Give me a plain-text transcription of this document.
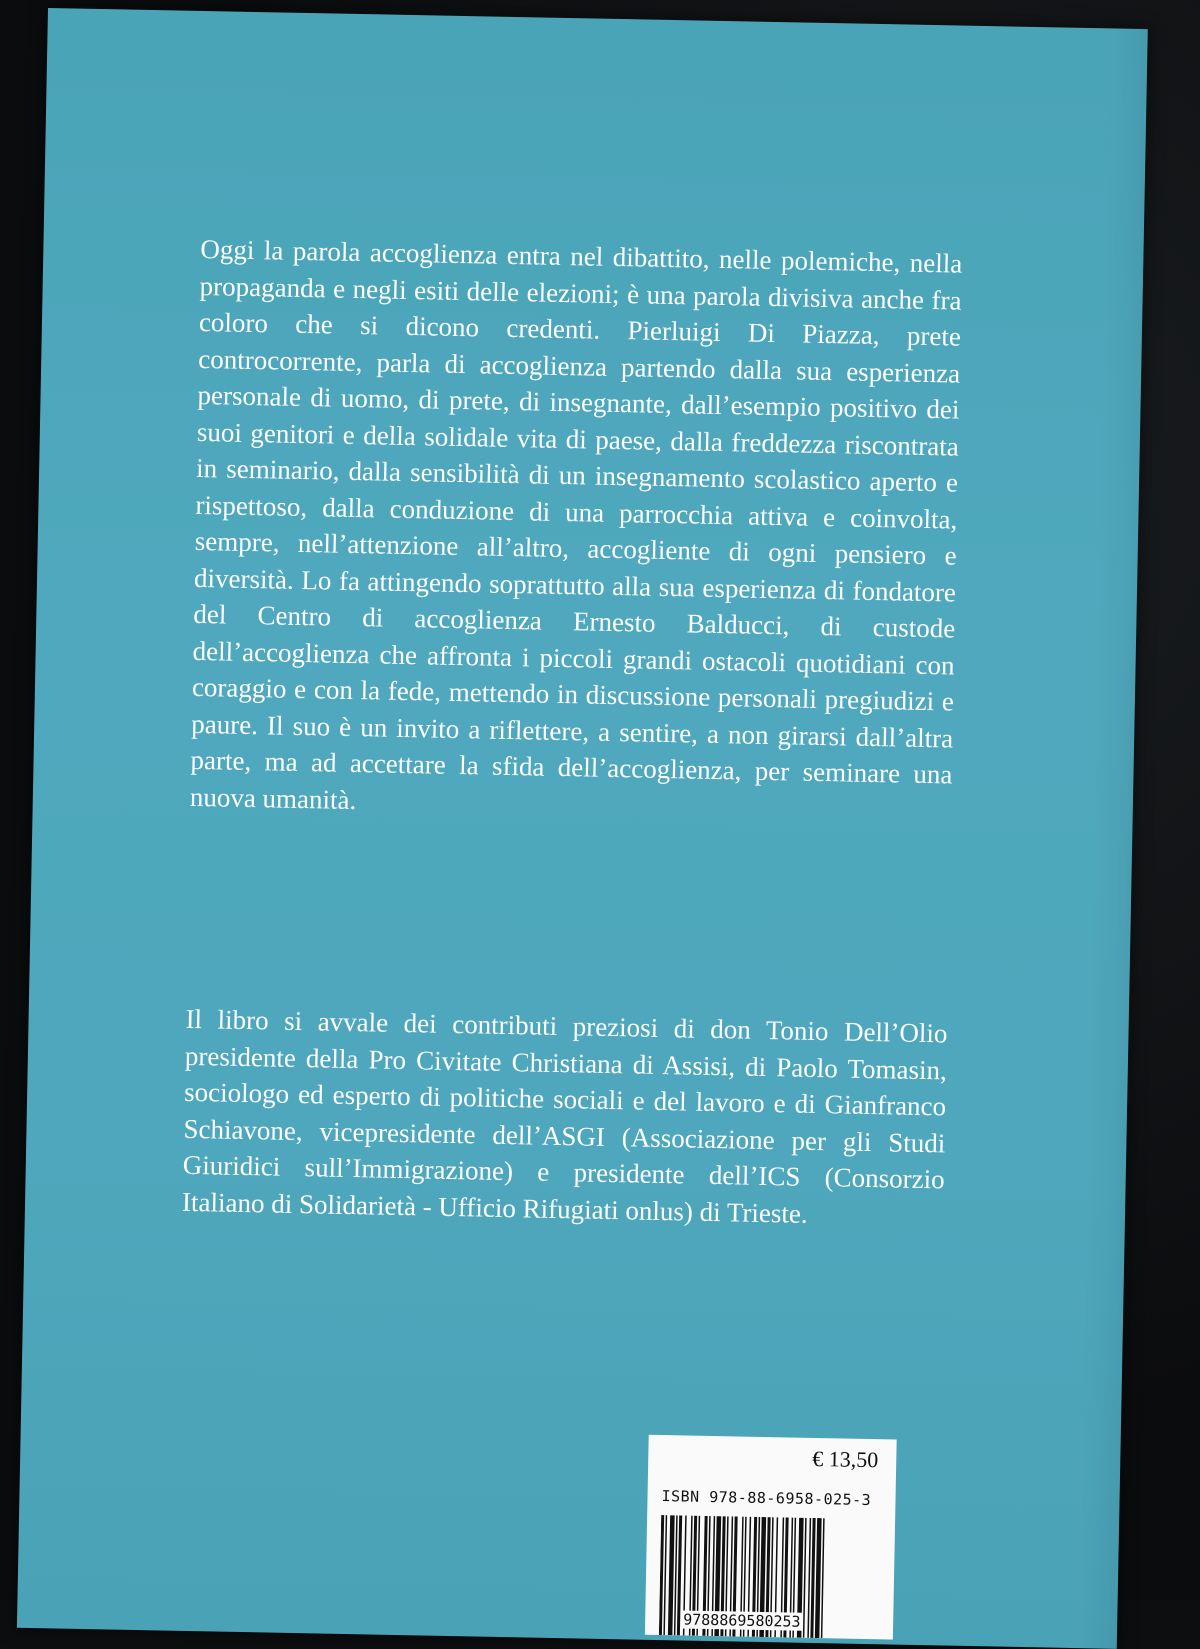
Oggi la parola accoglienza entra nel dibattito, nelle polemiche, nella propaganda e negli esiti delle elezioni; è una parola divisiva anche fra coloro che si dicono credenti. Pierluigi Di Piazza, prete controcorrente, parla di accoglienza partendo dalla sua esperienza personale di uomo, di prete, di insegnante, dall’esempio positivo dei suoi genitori e della solidale vita di paese, dalla freddezza riscontrata in seminario, dalla sensibilità di un insegnamento scolastico aperto e rispettoso, dalla conduzione di una parrocchia attiva e coinvolta, sempre, nell’attenzione all’altro, accogliente di ogni pensiero e diversità. Lo fa attingendo soprattutto alla sua esperienza di fondatore del Centro di accoglienza Ernesto Balducci, di custode dell’accoglienza che affronta i piccoli grandi ostacoli quotidiani con coraggio e con la fede, mettendo in discussione personali pregiudizi e paure. Il suo è un invito a riflettere, a sentire, a non girarsi dall’altra parte, ma ad accettare la sfida dell’accoglienza, per seminare una nuova umanità.

Il libro si avvale dei contributi preziosi di don Tonio Dell’Olio presidente della Pro Civitate Christiana di Assisi, di Paolo Tomasin, sociologo ed esperto di politiche sociali e del lavoro e di Gianfranco Schiavone, vicepresidente dell’ASGI (Associazione per gli Studi Giuridici sull’Immigrazione) e presidente dell’ICS (Consorzio Italiano di Solidarietà - Ufficio Rifugiati onlus) di Trieste.

€ 13,50
ISBN 978-88-6958-025-3
9788869580253
